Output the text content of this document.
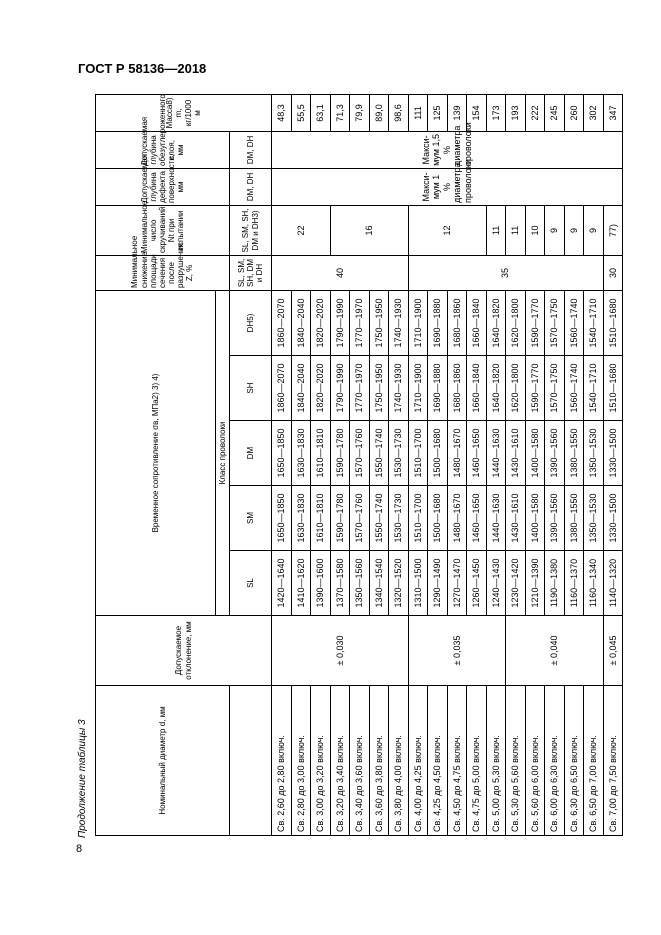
ГОСТ Р 58136—2018
8
Продолжение таблицы 3	Номинальный диаметр d, мм	Допускаемое отклонение, мм	Временное сопротивление σв, МПа2) 3) 4)					Минимальное снижение площади сечения после разрушения Z, %	Минимальное число скручиваний Nt при испытании	Допускаемая глубина дефекта поверхности, мм	Допускаемая глубина обезуглероженного слоя, мм	Масса8) m, кг/1000 м
		Класс проволоки									
		SL	SM	DM	SH	DH5)	SL, SM, SH, DM и DH	SL, SM, SH, DM и DH3)	DM, DH	DM, DH	
Св. 2,60 до 2,80 включ.	± 0,030	1420—1640	1650—1850	1650—1850	1860—2070	1860—2070	40	22	Макси-мум 1 % диаметра проволоки	Макси-мум 1,5 % диаметра проволоки	48,3
Св. 2,80 до 3,00 включ.		1410—1620	1630—1830	1630—1830	1840—2040	1840—2040					55,5
Св. 3,00 до 3,20 включ.		1390—1600	1610—1810	1610—1810	1820—2020	1820—2020					63,1
Св. 3,20 до 3,40 включ.		1370—1580	1590—1780	1590—1780	1790—1990	1790—1990		16			71,3
Св. 3,40 до 3,60 включ.		1350—1560	1570—1760	1570—1760	1770—1970	1770—1970					79,9
Св. 3,60 до 3,80 включ.		1340—1540	1550—1740	1550—1740	1750—1950	1750—1950					89,0
Св. 3,80 до 4,00 включ.		1320—1520	1530—1730	1530—1730	1740—1930	1740—1930					98,6
Св. 4,00 до 4,25 включ.	± 0,035	1310—1500	1510—1700	1510—1700	1710—1900	1710—1900	35	12			111
Св. 4,25 до 4,50 включ.		1290—1490	1500—1680	1500—1680	1690—1880	1690—1880					125
Св. 4,50 до 4,75 включ.		1270—1470	1480—1670	1480—1670	1680—1860	1680—1860					139
Св. 4,75 до 5,00 включ.		1260—1450	1460—1650	1460—1650	1660—1840	1660—1840					154
Св. 5,00 до 5,30 включ.		1240—1430	1440—1630	1440—1630	1640—1820	1640—1820		11			173
Св. 5,30 до 5,60 включ.	± 0,040	1230—1420	1430—1610	1430—1610	1620—1800	1620—1800		11			193
Св. 5,60 до 6,00 включ.		1210—1390	1400—1580	1400—1580	1590—1770	1590—1770		10			222
Св. 6,00 до 6,30 включ.		1190—1380	1390—1560	1390—1560	1570—1750	1570—1750		9			245
Св. 6,30 до 6,50 включ.		1160—1370	1380—1550	1380—1550	1560—1740	1560—1740		9			260
Св. 6,50 до 7,00 включ.		1160—1340	1350—1530	1350—1530	1540—1710	1540—1710		9			302
Св. 7,00 до 7,50 включ.	± 0,045	1140—1320	1330—1500	1330—1500	1510—1680	1510—1680	30	77)			347
